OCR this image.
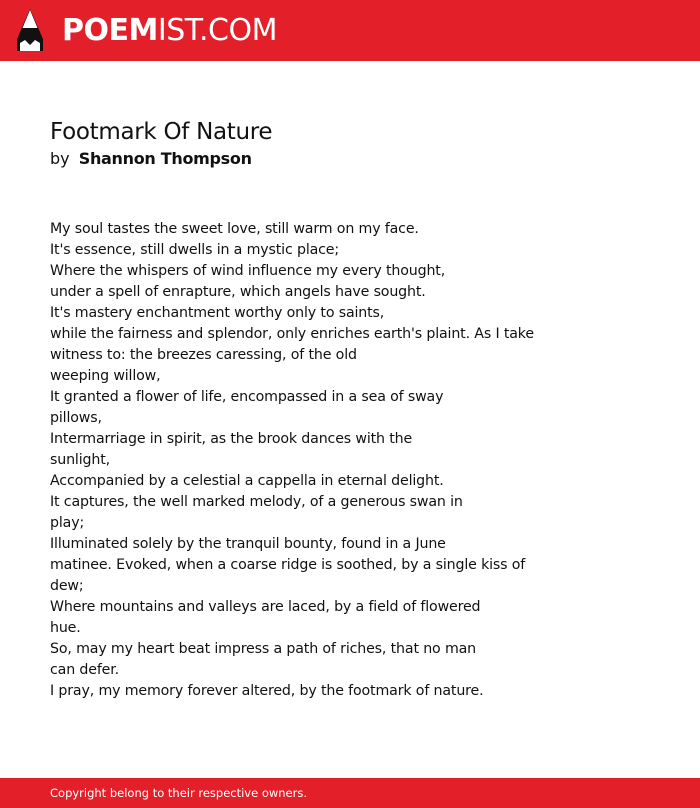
POEMIST.COM
Footmark Of Nature
by Shannon Thompson
My soul tastes the sweet love, still warm on my face.
It's essence, still dwells in a mystic place;
Where the whispers of wind influence my every thought,
under a spell of enrapture, which angels have sought.
It's mastery enchantment worthy only to saints,
while the fairness and splendor, only enriches earth's plaint. As I take
witness to: the breezes caressing, of the old
weeping willow,
It granted a flower of life, encompassed in a sea of sway
pillows,
Intermarriage in spirit, as the brook dances with the
sunlight,
Accompanied by a celestial a cappella in eternal delight.
It captures, the well marked melody, of a generous swan in
play;
Illuminated solely by the tranquil bounty, found in a June
matinee. Evoked, when a coarse ridge is soothed, by a single kiss of
dew;
Where mountains and valleys are laced, by a field of flowered
hue.
So, may my heart beat impress a path of riches, that no man
can defer.
I pray, my memory forever altered, by the footmark of nature.
Copyright belong to their respective owners.
